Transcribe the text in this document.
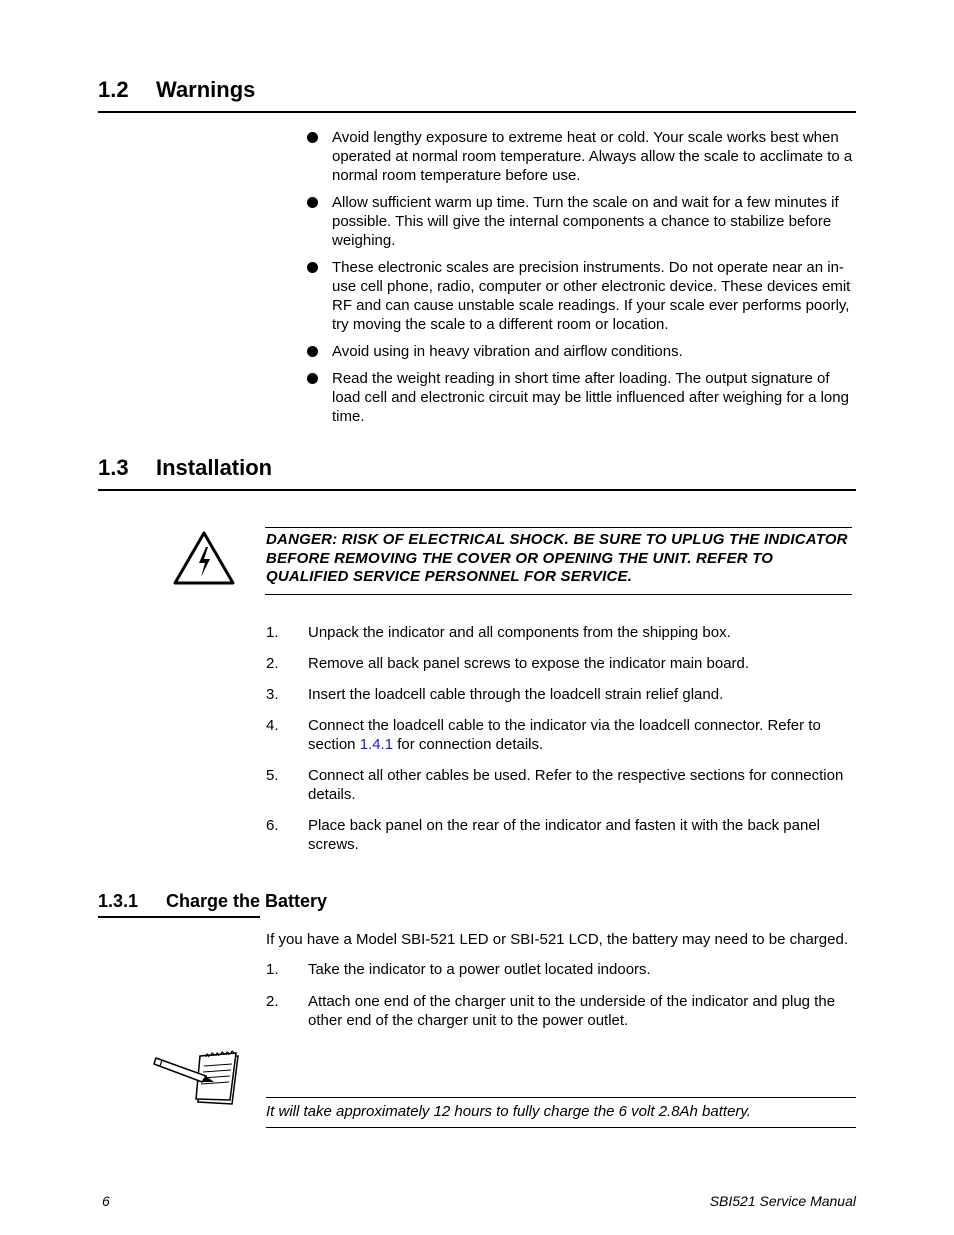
1.2 Warnings
Avoid lengthy exposure to extreme heat or cold. Your scale works best when operated at normal room temperature. Always allow the scale to acclimate to a normal room temperature before use.
Allow sufficient warm up time. Turn the scale on and wait for a few minutes if possible. This will give the internal components a chance to stabilize before weighing.
These electronic scales are precision instruments. Do not operate near an in-use cell phone, radio, computer or other electronic device. These devices emit RF and can cause unstable scale readings. If your scale ever performs poorly, try moving the scale to a different room or location.
Avoid using in heavy vibration and airflow conditions.
Read the weight reading in short time after loading. The output signature of load cell and electronic circuit may be little influenced after weighing for a long time.
1.3 Installation
DANGER: RISK OF ELECTRICAL SHOCK. BE SURE TO UPLUG THE INDICATOR BEFORE REMOVING THE COVER OR OPENING THE UNIT. REFER TO QUALIFIED SERVICE PERSONNEL FOR SERVICE.
1. Unpack the indicator and all components from the shipping box.
2. Remove all back panel screws to expose the indicator main board.
3. Insert the loadcell cable through the loadcell strain relief gland.
4. Connect the loadcell cable to the indicator via the loadcell connector. Refer to section 1.4.1 for connection details.
5. Connect all other cables be used. Refer to the respective sections for connection details.
6. Place back panel on the rear of the indicator and fasten it with the back panel screws.
1.3.1 Charge the Battery
If you have a Model SBI-521 LED or SBI-521 LCD, the battery may need to be charged.
1. Take the indicator to a power outlet located indoors.
2. Attach one end of the charger unit to the underside of the indicator and plug the other end of the charger unit to the power outlet.
It will take approximately 12 hours to fully charge the 6 volt 2.8Ah battery.
6	SBI521 Service Manual
